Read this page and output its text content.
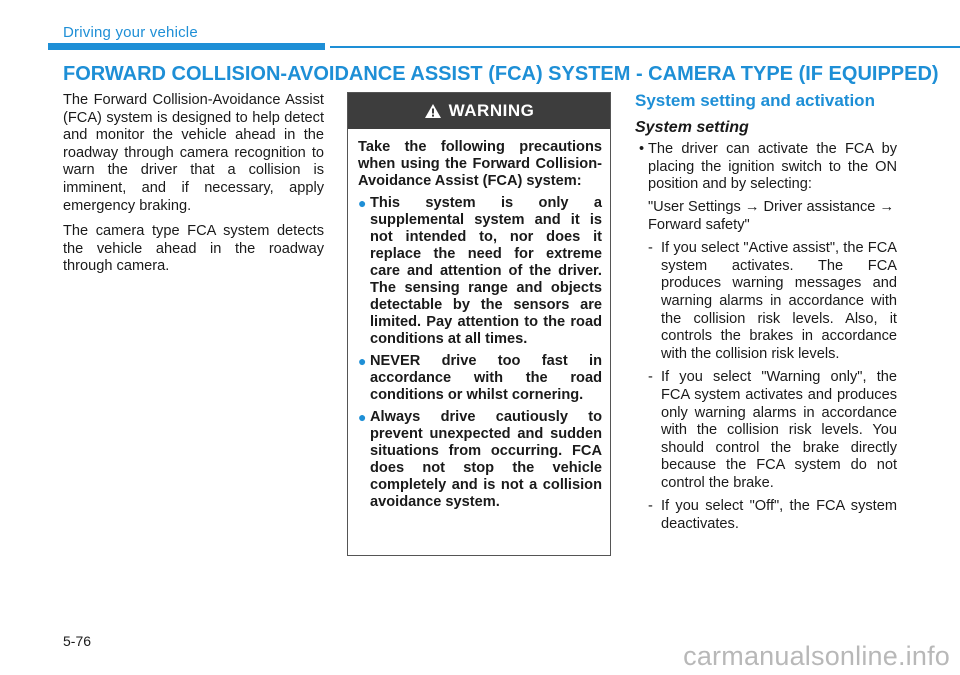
Driving your vehicle
FORWARD COLLISION-AVOIDANCE ASSIST (FCA) SYSTEM - CAMERA TYPE (IF EQUIPPED)

The Forward Collision-Avoidance Assist (FCA) system is designed to help detect and monitor the vehicle ahead in the roadway through camera recognition to warn the driver that a collision is imminent, and if necessary, apply emergency braking.

The camera type FCA system detects the vehicle ahead in the roadway through camera.

WARNING

Take the following precautions when using the Forward Collision-Avoidance Assist (FCA) system:

● This system is only a supplemental system and it is not intended to, nor does it replace the need for extreme care and attention of the driver. The sensing range and objects detectable by the sensors are limited. Pay attention to the road conditions at all times.
● NEVER drive too fast in accordance with the road conditions or whilst cornering.
● Always drive cautiously to prevent unexpected and sudden situations from occurring. FCA does not stop the vehicle completely and is not a collision avoidance system.
System setting and activation
System setting
• The driver can activate the FCA by placing the ignition switch to the ON position and by selecting:
"User Settings → Driver assistance → Forward safety"
- If you select "Active assist", the FCA system activates. The FCA produces warning messages and warning alarms in accordance with the collision risk levels. Also, it controls the brakes in accordance with the collision risk levels.
- If you select "Warning only", the FCA system activates and produces only warning alarms in accordance with the collision risk levels. You should control the brake directly because the FCA system do not control the brake.
- If you select "Off", the FCA system deactivates.
5-76	carmanualsonline.info
